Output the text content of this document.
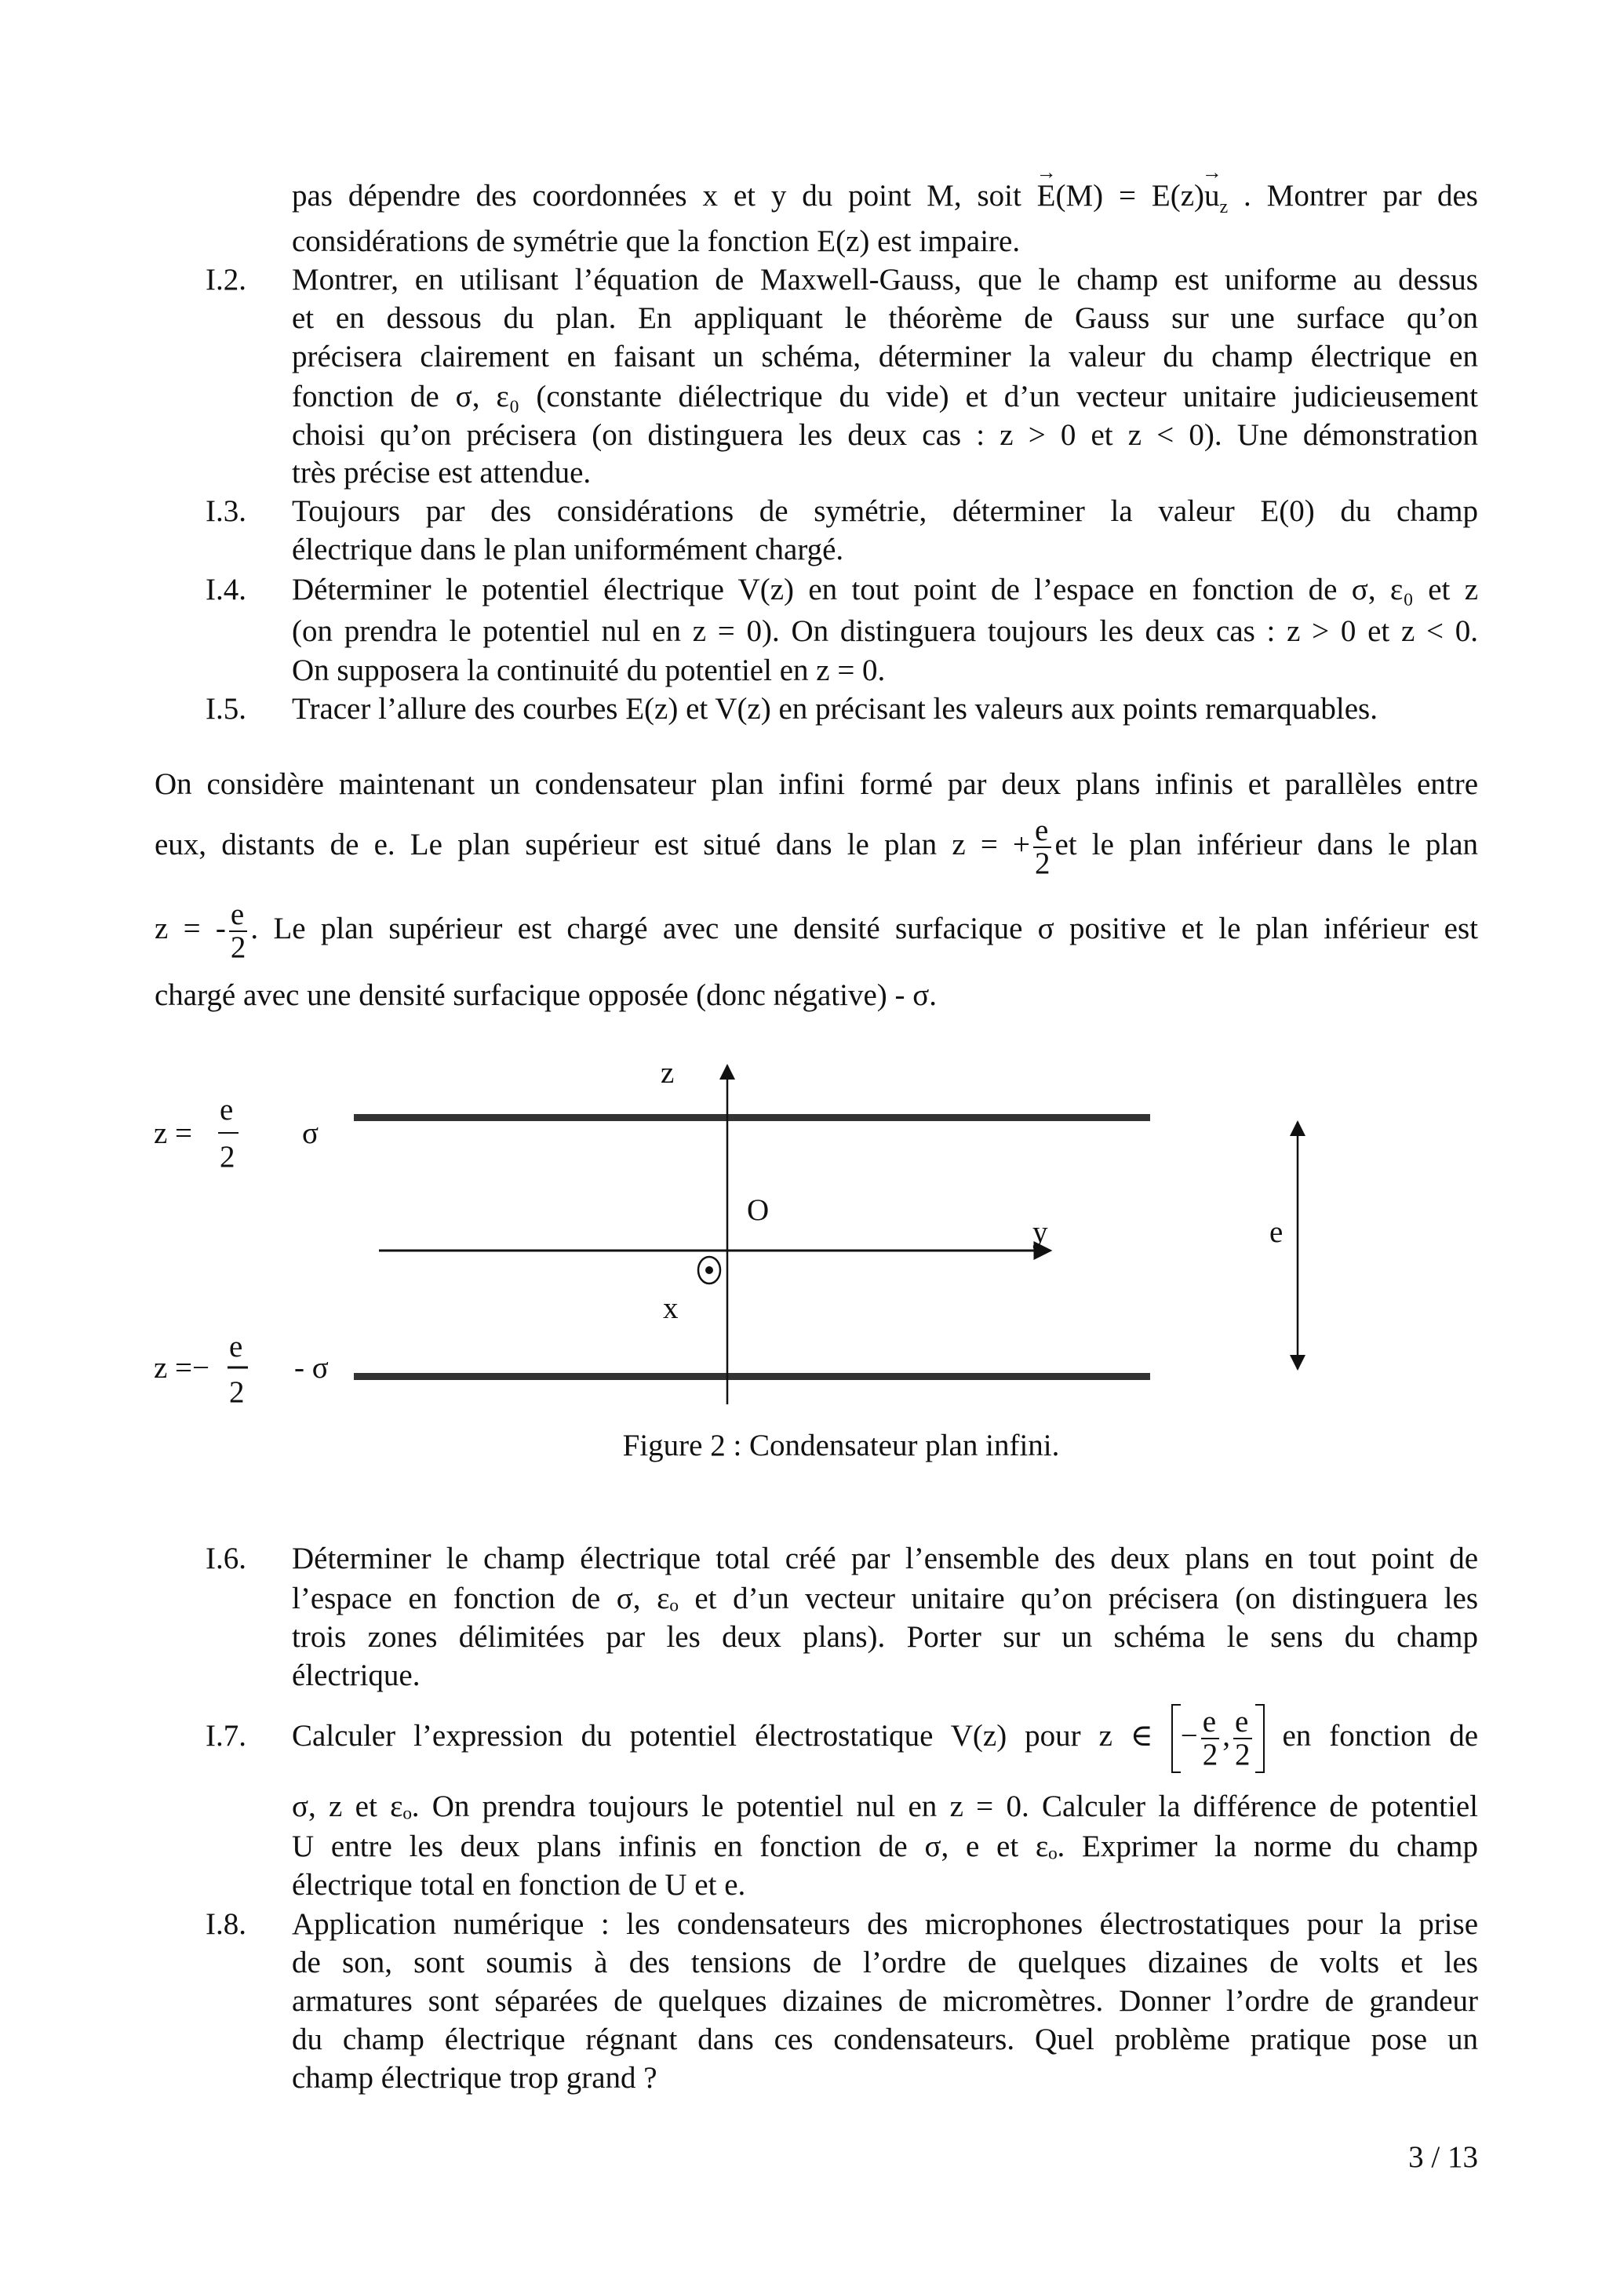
pas dépendre des coordonnées x et y du point M, soit → $E(M) = E(z)\to u_z$ . Montrer par des
considérations de symétrie que la fonction E(z) est impaire.
I.2. Montrer, en utilisant l’équation de Maxwell-Gauss, que le champ est uniforme au dessus
et en dessous du plan. En appliquant le théorème de Gauss sur une surface qu’on
précisera clairement en faisant un schéma, déterminer la valeur du champ électrique en
fonction de σ, ε₀ (constante diélectrique du vide) et d’un vecteur unitaire judicieusement
choisi qu’on précisera (on distinguera les deux cas : z > 0 et z < 0). Une démonstration
très précise est attendue.
I.3. Toujours par des considérations de symétrie, déterminer la valeur E(0) du champ
électrique dans le plan uniformément chargé.
I.4. Déterminer le potentiel électrique V(z) en tout point de l’espace en fonction de σ, ε₀ et z
(on prendra le potentiel nul en z = 0). On distinguera toujours les deux cas : z > 0 et z < 0.
On supposera la continuité du potentiel en z = 0.
I.5. Tracer l’allure des courbes E(z) et V(z) en précisant les valeurs aux points remarquables.
On considère maintenant un condensateur plan infini formé par deux plans infinis et parallèles entre
eux, distants de e. Le plan supérieur est situé dans le plan z = + $\frac{e}{2}$ et le plan inférieur dans le plan
z = - $\frac{e}{2}$ . Le plan supérieur est chargé avec une densité surfacique σ positive et le plan inférieur est
chargé avec une densité surfacique opposée (donc négative) - σ.
z
O
y
x
e
z =
e
2
σ
z =−
e
2
- σ
Figure 2 : Condensateur plan infini.
I.6. Déterminer le champ électrique total créé par l’ensemble des deux plans en tout point de
l’espace en fonction de σ, εₒ et d’un vecteur unitaire qu’on précisera (on distinguera les
trois zones délimitées par les deux plans). Porter sur un schéma le sens du champ
électrique.
I.7. Calculer l’expression du potentiel électrostatique V(z) pour z ∈ − $\frac{e}{2}$ , $\frac{e}{2}$ en fonction de
σ, z et εₒ. On prendra toujours le potentiel nul en z = 0. Calculer la différence de potentiel
U entre les deux plans infinis en fonction de σ, e et εₒ. Exprimer la norme du champ
électrique total en fonction de U et e.
I.8. Application numérique : les condensateurs des microphones électrostatiques pour la prise
de son, sont soumis à des tensions de l’ordre de quelques dizaines de volts et les
armatures sont séparées de quelques dizaines de micromètres. Donner l’ordre de grandeur
du champ électrique régnant dans ces condensateurs. Quel problème pratique pose un
champ électrique trop grand ?
3 / 13
